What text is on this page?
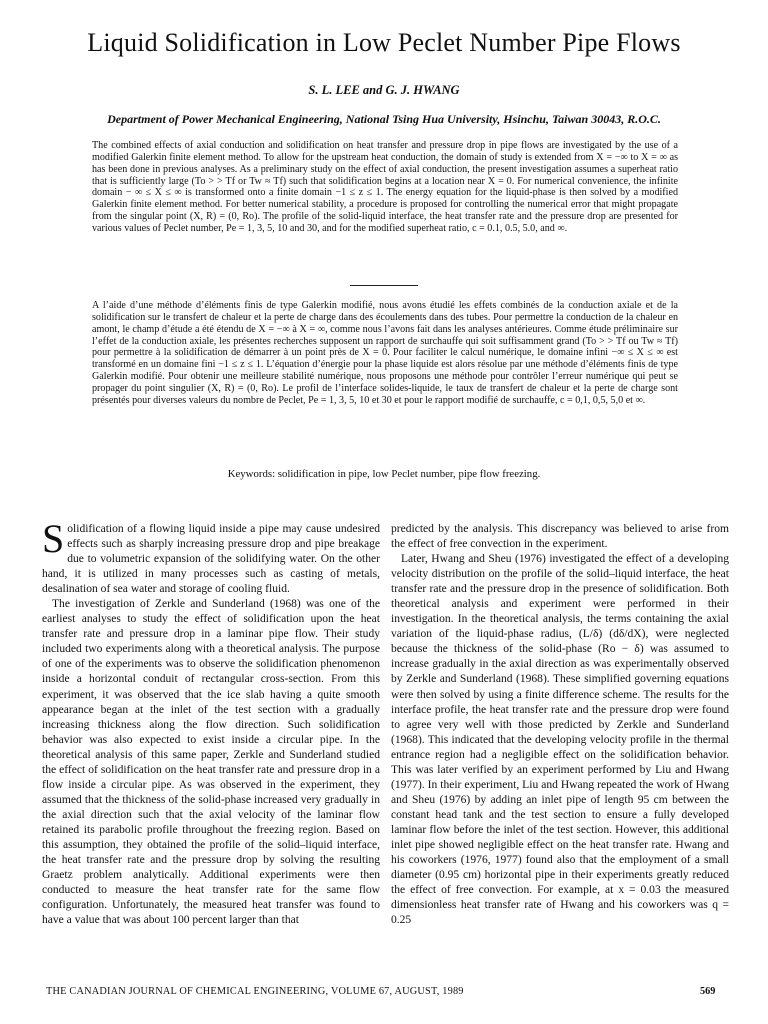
Liquid Solidification in Low Peclet Number Pipe Flows
S. L. LEE and G. J. HWANG
Department of Power Mechanical Engineering, National Tsing Hua University, Hsinchu, Taiwan 30043, R.O.C.

The combined effects of axial conduction and solidification on heat transfer and pressure drop in pipe flows are investigated by the use of a modified Galerkin finite element method. To allow for the upstream heat conduction, the domain of study is extended from X = −∞ to X = ∞ as has been done in previous analyses. As a preliminary study on the effect of axial conduction, the present investigation assumes a superheat ratio that is sufficiently large (To > > Tf or Tw ≈ Tf) such that solidification begins at a location near X = 0. For numerical convenience, the infinite domain − ∞ ≤ X ≤ ∞ is transformed onto a finite domain −1 ≤ z ≤ 1. The energy equation for the liquid-phase is then solved by a modified Galerkin finite element method. For better numerical stability, a procedure is proposed for controlling the numerical error that might propagate from the singular point (X, R) = (0, Ro). The profile of the solid-liquid interface, the heat transfer rate and the pressure drop are presented for various values of Peclet number, Pe = 1, 3, 5, 10 and 30, and for the modified superheat ratio, c = 0.1, 0.5, 5.0, and ∞.

A l’aide d’une méthode d’éléments finis de type Galerkin modifié, nous avons étudié les effets combinés de la conduction axiale et de la solidification sur le transfert de chaleur et la perte de charge dans des écoulements dans des tubes. Pour permettre la conduction de la chaleur en amont, le champ d’étude a été étendu de X = −∞ à X = ∞, comme nous l’avons fait dans les analyses antérieures. Comme étude préliminaire sur l’effet de la conduction axiale, les présentes recherches supposent un rapport de surchauffe qui soit suffisamment grand (To > > Tf ou Tw ≈ Tf) pour permettre à la solidification de démarrer à un point près de X = 0. Pour faciliter le calcul numérique, le domaine infini −∞ ≤ X ≤ ∞ est transformé en un domaine fini −1 ≤ z ≤ 1. L’équation d’énergie pour la phase liquide est alors résolue par une méthode d’éléments finis de type Galerkin modifié. Pour obtenir une meilleure stabilité numérique, nous proposons une méthode pour contrôler l’erreur numérique qui peut se propager du point singulier (X, R) = (0, Ro). Le profil de l’interface solides-liquide, le taux de transfert de chaleur et la perte de charge sont présentés pour diverses valeurs du nombre de Peclet, Pe = 1, 3, 5, 10 et 30 et pour le rapport modifié de surchauffe, c = 0,1, 0,5, 5,0 et ∞.

Keywords: solidification in pipe, low Peclet number, pipe flow freezing.

Solidification of a flowing liquid inside a pipe may cause undesired effects such as sharply increasing pressure drop and pipe breakage due to volumetric expansion of the solidifying water. On the other hand, it is utilized in many processes such as casting of metals, desalination of sea water and storage of cooling fluid.

The investigation of Zerkle and Sunderland (1968) was one of the earliest analyses to study the effect of solidification upon the heat transfer rate and pressure drop in a laminar pipe flow. Their study included two experiments along with a theoretical analysis. The purpose of one of the experiments was to observe the solidification phenomenon inside a horizontal conduit of rectangular cross-section. From this experiment, it was observed that the ice slab having a quite smooth appearance began at the inlet of the test section with a gradually increasing thickness along the flow direction. Such solidification behavior was also expected to exist inside a circular pipe. In the theoretical analysis of this same paper, Zerkle and Sunderland studied the effect of solidification on the heat transfer rate and pressure drop in a flow inside a circular pipe. As was observed in the experiment, they assumed that the thickness of the solid-phase increased very gradually in the axial direction such that the axial velocity of the laminar flow retained its parabolic profile throughout the freezing region. Based on this assumption, they obtained the profile of the solid–liquid interface, the heat transfer rate and the pressure drop by solving the resulting Graetz problem analytically. Additional experiments were then conducted to measure the heat transfer rate for the same flow configuration. Unfortunately, the measured heat transfer was found to have a value that was about 100 percent larger than that

predicted by the analysis. This discrepancy was believed to arise from the effect of free convection in the experiment.

Later, Hwang and Sheu (1976) investigated the effect of a developing velocity distribution on the profile of the solid–liquid interface, the heat transfer rate and the pressure drop in the presence of solidification. Both theoretical analysis and experiment were performed in their investigation. In the theoretical analysis, the terms containing the axial variation of the liquid-phase radius, (L/δ) (dδ/dX), were neglected because the thickness of the solid-phase (Ro − δ) was assumed to increase gradually in the axial direction as was experimentally observed by Zerkle and Sunderland (1968). These simplified governing equations were then solved by using a finite difference scheme. The results for the interface profile, the heat transfer rate and the pressure drop were found to agree very well with those predicted by Zerkle and Sunderland (1968). This indicated that the developing velocity profile in the thermal entrance region had a negligible effect on the solidification behavior. This was later verified by an experiment performed by Liu and Hwang (1977). In their experiment, Liu and Hwang repeated the work of Hwang and Sheu (1976) by adding an inlet pipe of length 95 cm between the constant head tank and the test section to ensure a fully developed laminar flow before the inlet of the test section. However, this additional inlet pipe showed negligible effect on the heat transfer rate. Hwang and his coworkers (1976, 1977) found also that the employment of a small diameter (0.95 cm) horizontal pipe in their experiments greatly reduced the effect of free convection. For example, at x = 0.03 the measured dimensionless heat transfer rate of Hwang and his coworkers was q = 0.25

THE CANADIAN JOURNAL OF CHEMICAL ENGINEERING, VOLUME 67, AUGUST, 1989	569
